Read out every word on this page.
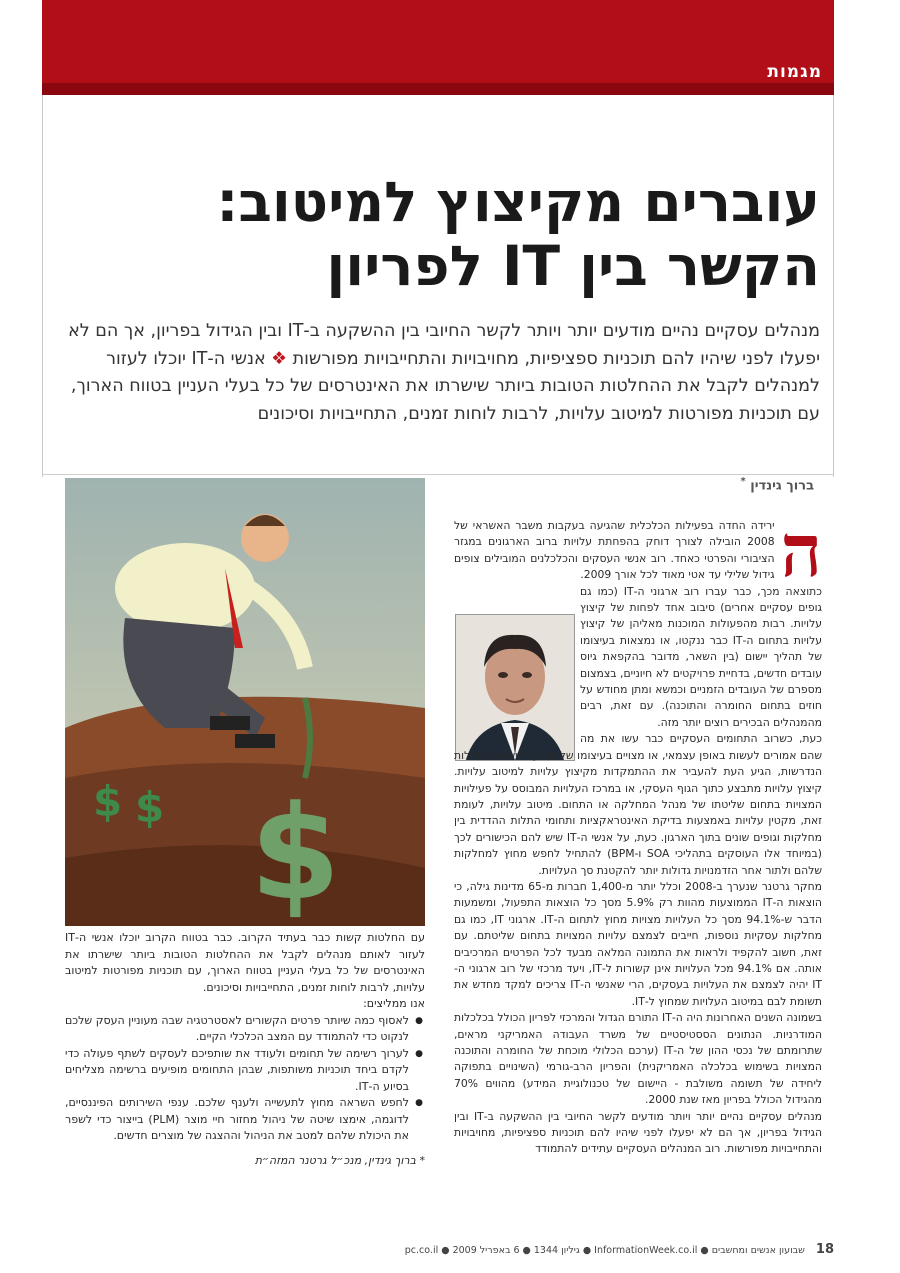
מגמות
עוברים מקיצוץ למיטוב:
הקשר בין IT לפריון

מנהלים עסקיים נהיים מודעים יותר ויותר לקשר החיובי בין ההשקעה ב-IT ובין הגידול בפריון, אך הם לא יפעלו לפני שיהיו להם תוכניות ספציפיות, מחויבויות והתחייבויות מפורשות ❖ אנשי ה-IT יוכלו לעזור למנהלים לקבל את ההחלטות הטובות ביותר שישרתו את האינטרסים של כל בעלי העניין בטווח הארוך, עם תוכניות מפורטות למיטוב עלויות, לרבות לוחות זמנים, התחייבויות וסיכונים

ברוך גינדין *
$ $ $
ה

ירידה החדה בפעילות הכלכלית שהגיעה בעקבות משבר האשראי של 2008 הובילה לצורך דוחק בהפחתת עלויות ברוב הארגונים במגזר הציבורי והפרטי כאחד. רוב אנשי העסקים והכלכלנים המובילים צופים גידול שלילי עד אטי מאוד לכל אורך 2009.

כתוצאה מכך, כבר עברו רוב ארגוני ה-IT (כמו גם גופים עסקיים אחרים) סיבוב אחד לפחות של קיצוץ עלויות. רבות מהפעולות המוכנות מאליהן של קיצוץ עלויות בתחום ה-IT כבר ננקטו, או נמצאות בעיצומו של תהליך יישום (בין השאר, מדובר בהקפאת גיוס עובדים חדשים, בדחיית פרויקטים לא חיוניים, בצמצום מספרם של העובדים הזמניים וכמשא ומתן מחודש על חוזים בתחום החומרה והתוכנה). עם זאת, רבים מהמנהלים הבכירים רוצים יותר מזה.

כעת, כשרוב התחומים העסקיים כבר עשו את מה שהם אמורים לעשות באופן עצמאי, או מצויים בעיצומו של מהלך ליישום הפעולות הנדרשות, הגיע העת להעביר את ההתמקדות מקיצוץ עלויות למיטוב עלויות. קיצוץ עלויות מתבצע כתוך הגוף העסקי, או במרכז העלויות המבוסס על פעילויות המצויות בתחום שליטתו של מנהל המחלקה או התחום. מיטוב עלויות, לעומת זאת, מקטין עלויות באמצעות בדיקת האינטראקציות ותחומי התלות ההדדית בין מחלקות וגופים שונים בתוך הארגון. כעת, על אנשי ה-IT שיש להם הכישורים לכך (במיוחד אלו העוסקים בתהליכי SOA ו-BPM) להתחיל לחפש מחוץ למחלקות שלהם ולתור אחר הזדמנויות גדולות יותר להקטנת סך העלויות.

מחקר גרטנר שנערך ב-2008 וכלל יותר מ-1,400 חברות מ-65 מדינות גילה, כי הוצאות ה-IT הממוצעות מהוות רק 5.9% מסך כל הוצאות התפעול, ומשמעות הדבר ש-94.1% מסך כל העלויות מצויות מחוץ לתחום ה-IT. ארגוני IT, כמו גם מחלקות עסקיות נוספות, חייבים לצמצם עלויות המצויות בתחום שליטתם. עם זאת, חשוב להקפיד ולראות את התמונה המלאה מבעד לכל הפרטים המרכיבים אותה. אם 94.1% מכל העלויות אינן קשורות ל-IT, ויעד מרכזי של רוב ארגוני ה-IT יהיה לצמצם את העלויות בעסקים, הרי שאנשי ה-IT צריכים למקד מחדש את תשומת לבם במיטוב העלויות שמחוץ ל-IT.

בשמונה השנים האחרונות היה ה-IT התורם הגדול והמרכזי לפריון הכולל בכלכלות המודרניות. הנתונים הססטיסטיים של משרד העבודה האמריקני מראים, שתרומתם של נכסי ההון של ה-IT (ערכם הכלולי מוכחת של החומרה והתוכנה המצויות בשימוש בכלכלה האמריקנית) והפריון הרב-גורמי (השינויים בתפוקה ליחידה של תשומה משולבת - היישום של טכנולוגיית המידע) מהווים 70% מהגידול הכולל בפריון מאז שנת 2000.

מנהלים עסקיים נהיים יותר ויותר מודעים לקשר החיובי בין ההשקעה ב-IT ובין הגידול בפריון, אך הם לא יפעלו לפני שיהיו להם תוכניות ספציפיות, מחויבויות והתחייבויות מפורשות. רוב המנהלים העסקיים עתידים להתמודד

עם החלטות קשות כבר בעתיד הקרוב. כבר בטווח הקרוב יוכלו אנשי ה-IT לעזור לאותם מנהלים לקבל את ההחלטות הטובות ביותר שישרתו את האינטרסים של כל בעלי העניין בטווח הארוך, עם תוכניות מפורטות למיטוב עלויות, לרבות לוחות זמנים, התחייבויות וסיכונים.

אנו ממליצים:

● לאסוף כמה שיותר פרטים הקשורים לאסטרטגיה שבה מעוניין העסק שלכם לנקוט כדי להתמודד עם המצב הכלכלי הקיים.
● לערוך רשימה של תחומים ולעודד את שותפיכם לעסקים לשתף פעולה כדי לקדם ביחד תוכניות משותפות, שבהן התחומים מופיעים ברשימה מצליחים בסיוע ה-IT.
● לחפש השראה מחוץ לתעשייה ולענף שלכם. ענפי השירותים הפיננסיים, לדוגמה, אימצו שיטה של ניהול מחזור חיי מוצר (PLM) בייצור כדי לשפר את היכולת שלהם למטב את הניהול וההצגה של מוצרים חדשים.

* ברוך גינדין, מנכ״ל גרטנר המזה״ת

18 שבועון אנשים ומחשבים ● InformationWeek.co.il ● גיליון 1344 ● 6 באפריל 2009 ● pc.co.il
